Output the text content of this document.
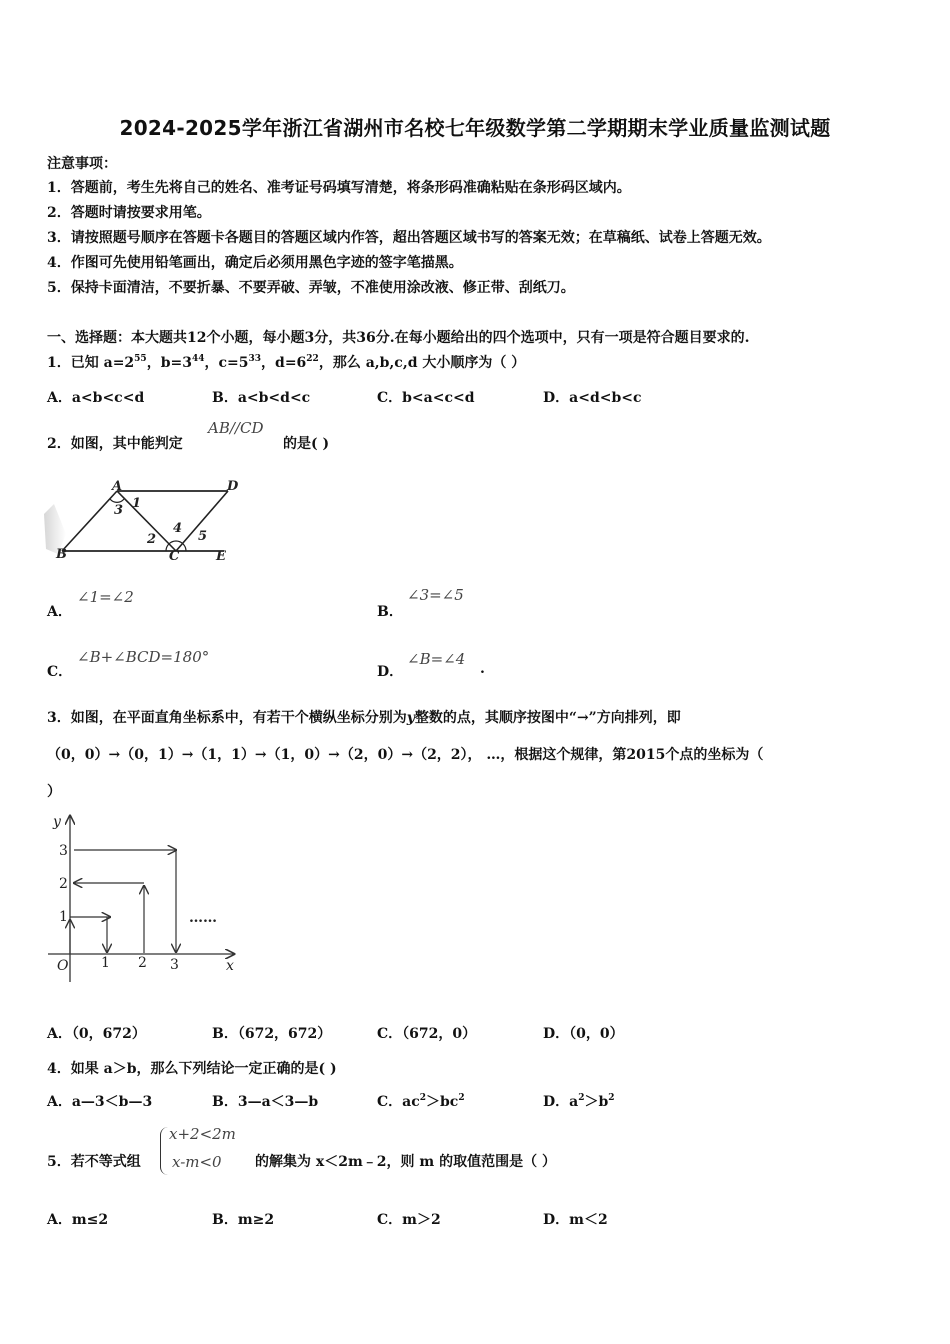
2024-2025学年浙江省湖州市名校七年级数学第二学期期末学业质量监测试题
注意事项：
1．答题前，考生先将自己的姓名、准考证号码填写清楚，将条形码准确粘贴在条形码区域内。
2．答题时请按要求用笔。
3．请按照题号顺序在答题卡各题目的答题区域内作答，超出答题区域书写的答案无效；在草稿纸、试卷上答题无效。
4．作图可先使用铅笔画出，确定后必须用黑色字迹的签字笔描黑。
5．保持卡面清洁，不要折暴、不要弄破、弄皱，不准使用涂改液、修正带、刮纸刀。
一、选择题：本大题共12个小题，每小题3分，共36分.在每小题给出的四个选项中，只有一项是符合题目要求的.
1．已知 $a=2^{55}$，$b=3^{44}$，$c=5^{33}$，$d=6^{22}$，那么 a,b,c,d 大小顺序为（ ）
A．a<b<c<d	B．a<b<d<c	C．b<a<c<d	D．a<d<b<c
2．如图，其中能判定
AB//CD
的是( )
A	D
1
3
4
2	5
B	C	E
A．
∠1=∠2
B．
∠3=∠5
C．
∠B+∠BCD=180°
D．
∠B=∠4
.
3．如图，在平面直角坐标系中，有若干个横纵坐标分别为y整数的点，其顺序按图中“→”方向排列，即
（0，0）→（0，1）→（1，1）→（1，0）→（2，0）→（2，2）， …，根据这个规律，第2015个点的坐标为（
）
y
x
O 1 2 3
1
2
3
……
A．（0，672）	B．（672，672）	C．（672，0）	D．（0，0）
4．如果 a＞b，那么下列结论一定正确的是( )
A．a—3＜b—3	B．3—a＜3—b	C．$ac^2>bc^2$	D．$a^2>b^2$
5．若不等式组
x+2<2m
x-m<0 的解集为 x＜2m﹣2，则 m 的取值范围是（ ）
A．m≤2	B．m≥2	C．m＞2	D．m＜2
